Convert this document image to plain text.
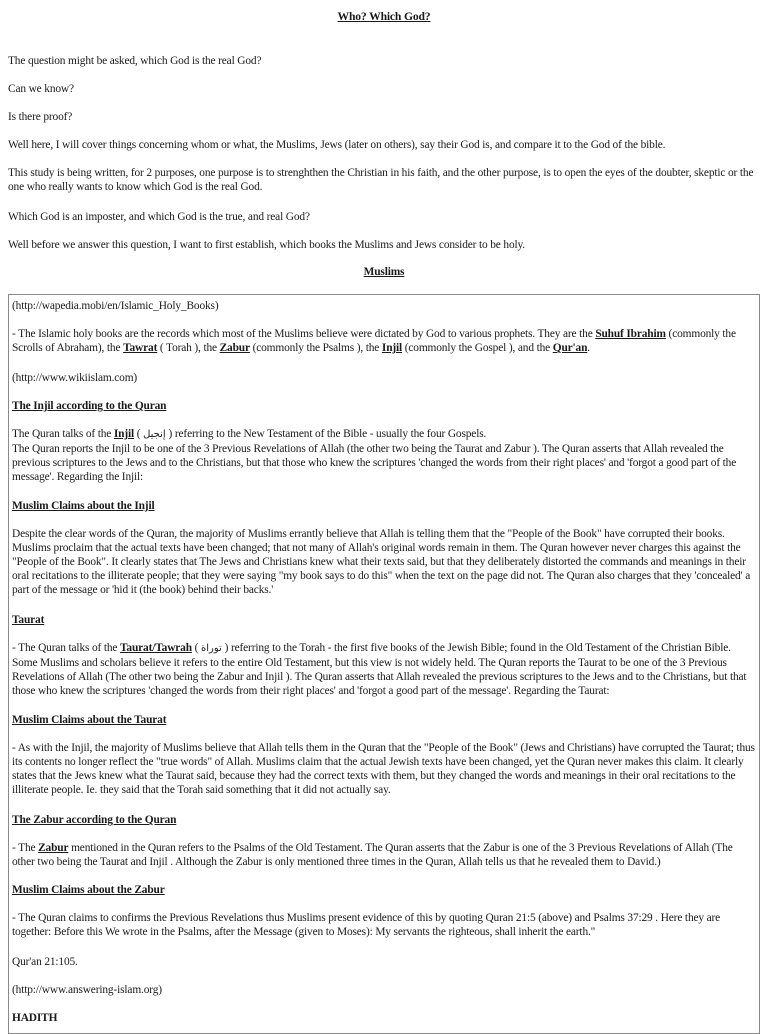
Who? Which God?

The question might be asked, which God is the real God?

Can we know?

Is there proof?

Well here, I will cover things concerning whom or what, the Muslims, Jews (later on others), say their God is, and compare it to the God of the bible.

This study is being written, for 2 purposes, one purpose is to strenghthen the Christian in his faith, and the other purpose, is to open the eyes of the doubter, skeptic or the one who really wants to know which God is the real God.

Which God is an imposter, and which God is the true, and real God?

Well before we answer this question, I want to first establish, which books the Muslims and Jews consider to be holy.

Muslims

(http://wapedia.mobi/en/Islamic_Holy_Books)

- The Islamic holy books are the records which most of the Muslims believe were dictated by God to various prophets. They are the Suhuf Ibrahim (commonly the Scrolls of Abraham), the Tawrat ( Torah ), the Zabur (commonly the Psalms ), the Injil (commonly the Gospel ), and the Qur'an.

(http://www.wikiislam.com)

The Injil according to the Quran

The Quran talks of the Injil ( إنجيل ) referring to the New Testament of the Bible - usually the four Gospels.
The Quran reports the Injil to be one of the 3 Previous Revelations of Allah (the other two being the Taurat and Zabur ). The Quran asserts that Allah revealed the previous scriptures to the Jews and to the Christians, but that those who knew the scriptures 'changed the words from their right places' and 'forgot a good part of the message'. Regarding the Injil:

Muslim Claims about the Injil

Despite the clear words of the Quran, the majority of Muslims errantly believe that Allah is telling them that the "People of the Book" have corrupted their books. Muslims proclaim that the actual texts have been changed; that not many of Allah's original words remain in them. The Quran however never charges this against the "People of the Book". It clearly states that The Jews and Christians knew what their texts said, but that they deliberately distorted the commands and meanings in their oral recitations to the illiterate people; that they were saying "my book says to do this" when the text on the page did not. The Quran also charges that they 'concealed' a part of the message or 'hid it (the book) behind their backs.'

Taurat

- The Quran talks of the Taurat/Tawrah ( توراة ) referring to the Torah - the first five books of the Jewish Bible; found in the Old Testament of the Christian Bible. Some Muslims and scholars believe it refers to the entire Old Testament, but this view is not widely held. The Quran reports the Taurat to be one of the 3 Previous Revelations of Allah (The other two being the Zabur and Injil ). The Quran asserts that Allah revealed the previous scriptures to the Jews and to the Christians, but that those who knew the scriptures 'changed the words from their right places' and 'forgot a good part of the message'. Regarding the Taurat:

Muslim Claims about the Taurat

- As with the Injil, the majority of Muslims believe that Allah tells them in the Quran that the "People of the Book" (Jews and Christians) have corrupted the Taurat; thus its contents no longer reflect the "true words" of Allah. Muslims claim that the actual Jewish texts have been changed, yet the Quran never makes this claim. It clearly states that the Jews knew what the Taurat said, because they had the correct texts with them, but they changed the words and meanings in their oral recitations to the illiterate people. Ie. they said that the Torah said something that it did not actually say.

The Zabur according to the Quran

- The Zabur mentioned in the Quran refers to the Psalms of the Old Testament. The Quran asserts that the Zabur is one of the 3 Previous Revelations of Allah (The other two being the Taurat and Injil . Although the Zabur is only mentioned three times in the Quran, Allah tells us that he revealed them to David.)

Muslim Claims about the Zabur

- The Quran claims to confirms the Previous Revelations thus Muslims present evidence of this by quoting Quran 21:5 (above) and Psalms 37:29 . Here they are together: Before this We wrote in the Psalms, after the Message (given to Moses): My servants the righteous, shall inherit the earth."

Qur'an 21:105.

(http://www.answering-islam.org)

HADITH
